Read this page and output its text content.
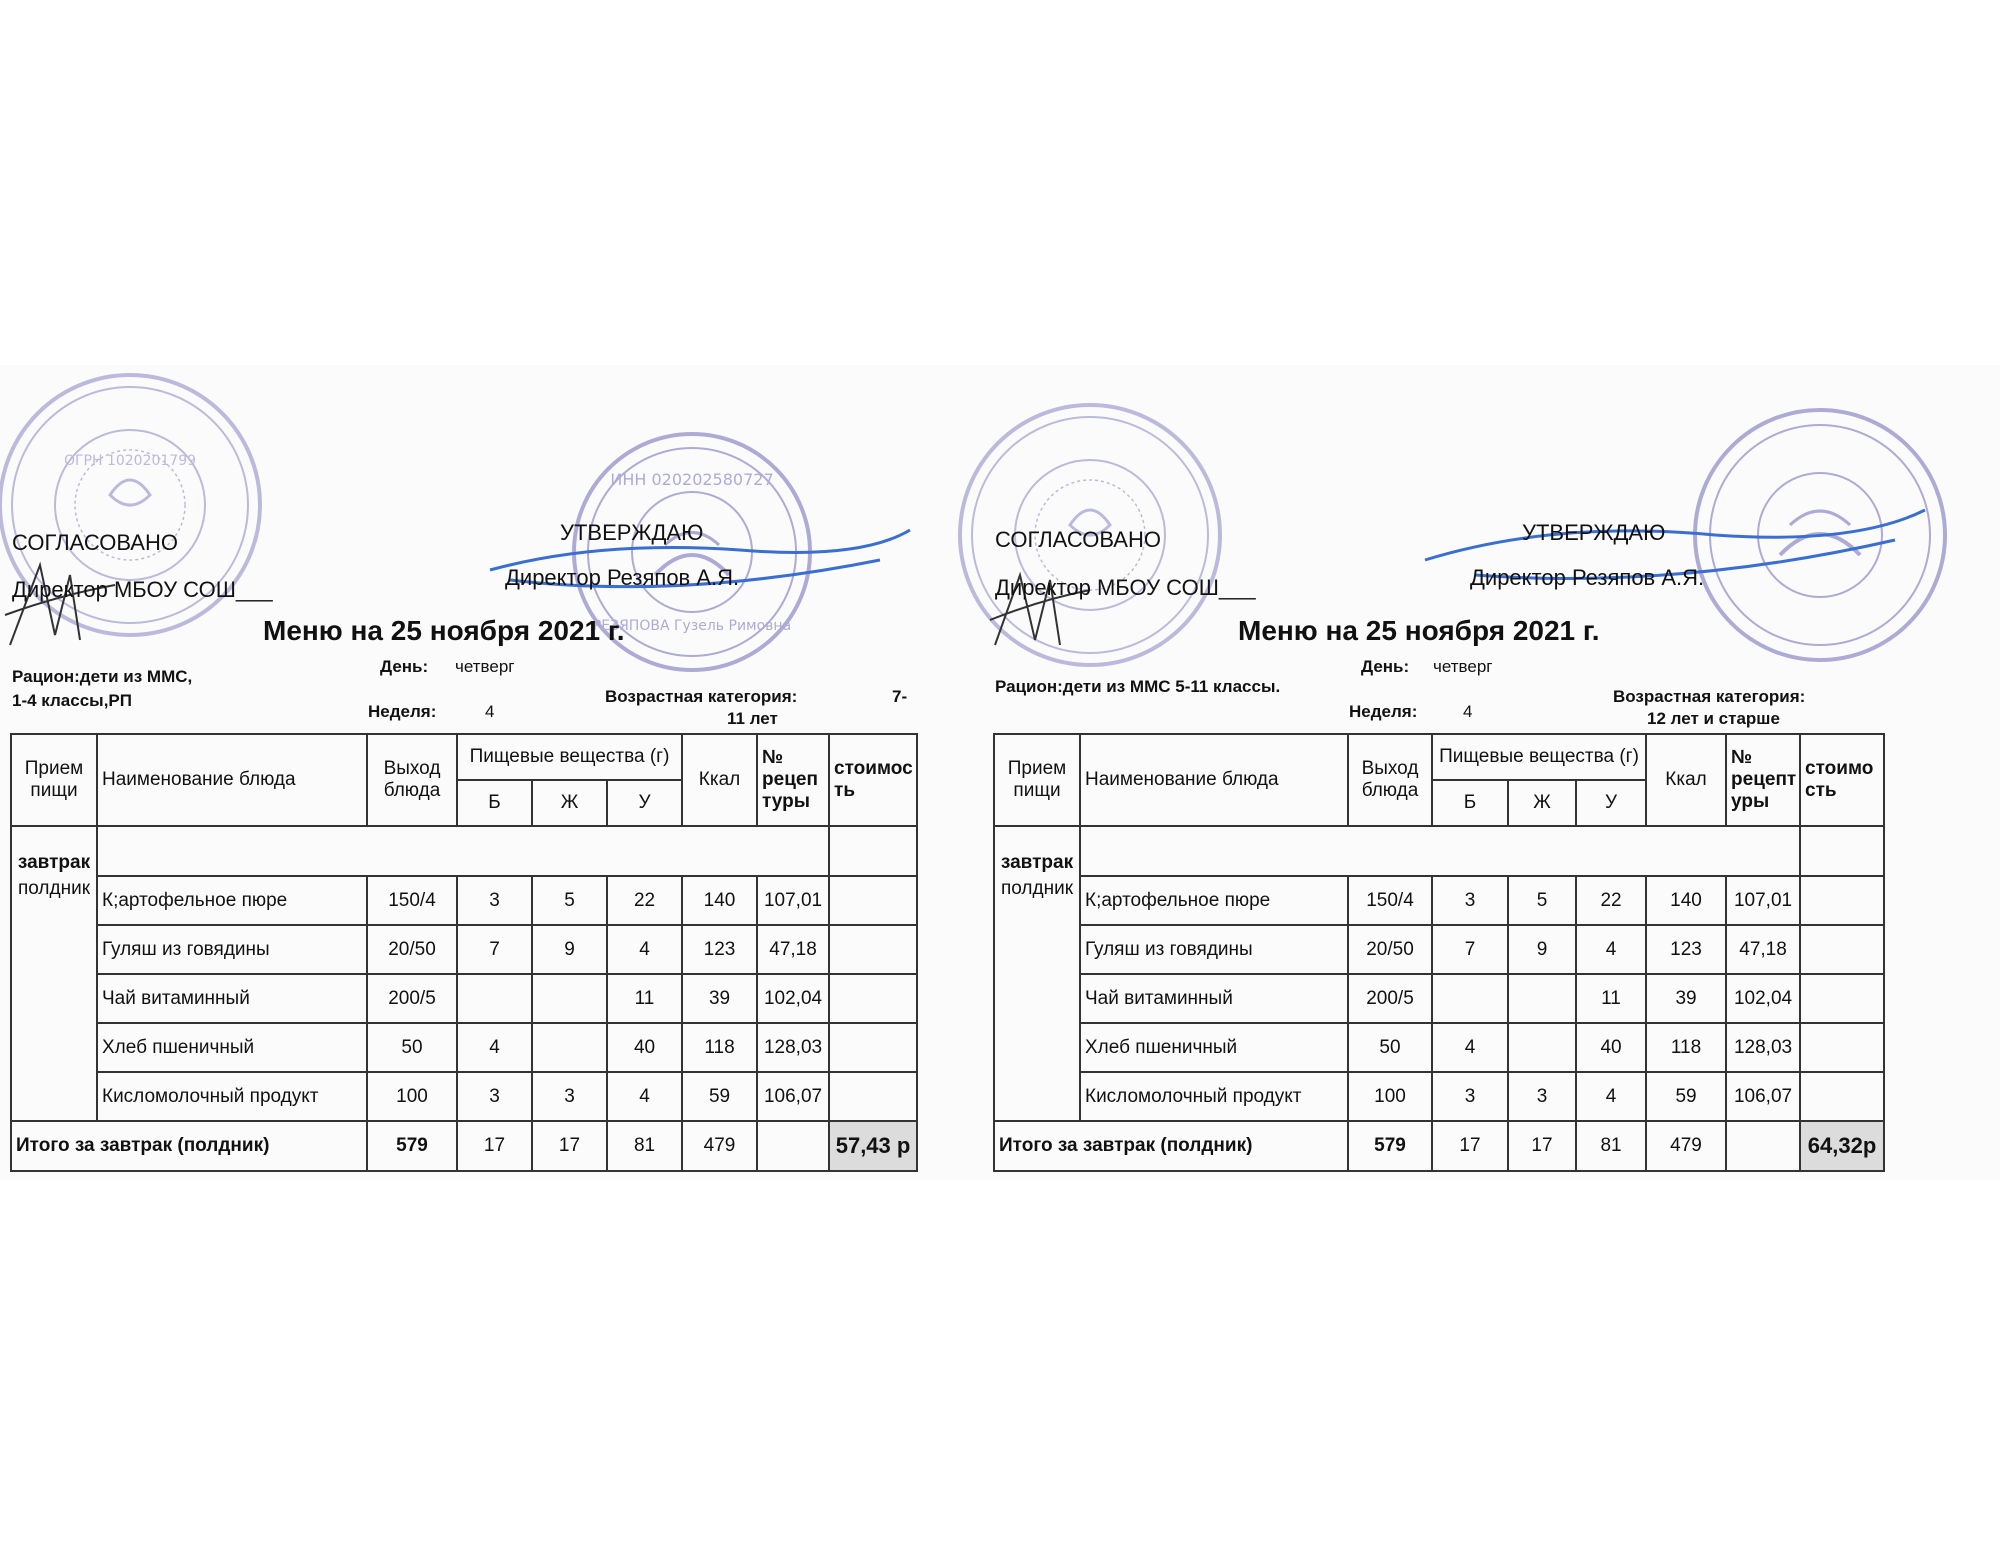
ОГРН 1020201799
ИНН 020202580727
РЕЗЯПОВА Гузель Римовна
СОГЛАСОВАНО
Директор МБОУ СОШ___
УТВЕРЖДАЮ
Директор Резяпов А.Я.
Меню на 25 ноября 2021 г.
Рацион:дети из ММС,
1-4 классы,РП
День: четверг
Неделя:	4
Возрастная категория:	7-
11 лет
Прием пищи	Наименование блюда	Выход блюда	Пищевые вещества (г)			Ккал	№ рецеп туры	стоимос ть
			Б	Ж	У			

завтрак								

полдник	К;артофельное пюре	150/4	3	5	22	140	107,01	
	Гуляш из говядины	20/50	7	9	4	123	47,18	
	Чай витаминный	200/5			11	39	102,04	
	Хлеб пшеничный	50	4		40	118	128,03	
	Кисломолочный продукт	100	3	3	4	59	106,07	
Итого за завтрак (полдник)		579	17	17	81	479		57,43 р
СОГЛАСОВАНО
Директор МБОУ СОШ___
УТВЕРЖДАЮ
Директор Резяпов А.Я.
Меню на 25 ноября 2021 г.
Рацион:дети из ММС 5-11 классы.
День: четверг
Неделя:	4
Возрастная категория:
12 лет и старше
Прием пищи	Наименование блюда	Выход блюда	Пищевые вещества (г)			Ккал	№ рецепт уры	стоимо сть
			Б	Ж	У			

завтрак								

полдник	К;артофельное пюре	150/4	3	5	22	140	107,01	
	Гуляш из говядины	20/50	7	9	4	123	47,18	
	Чай витаминный	200/5			11	39	102,04	
	Хлеб пшеничный	50	4		40	118	128,03	
	Кисломолочный продукт	100	3	3	4	59	106,07	
Итого за завтрак (полдник)		579	17	17	81	479		64,32р
